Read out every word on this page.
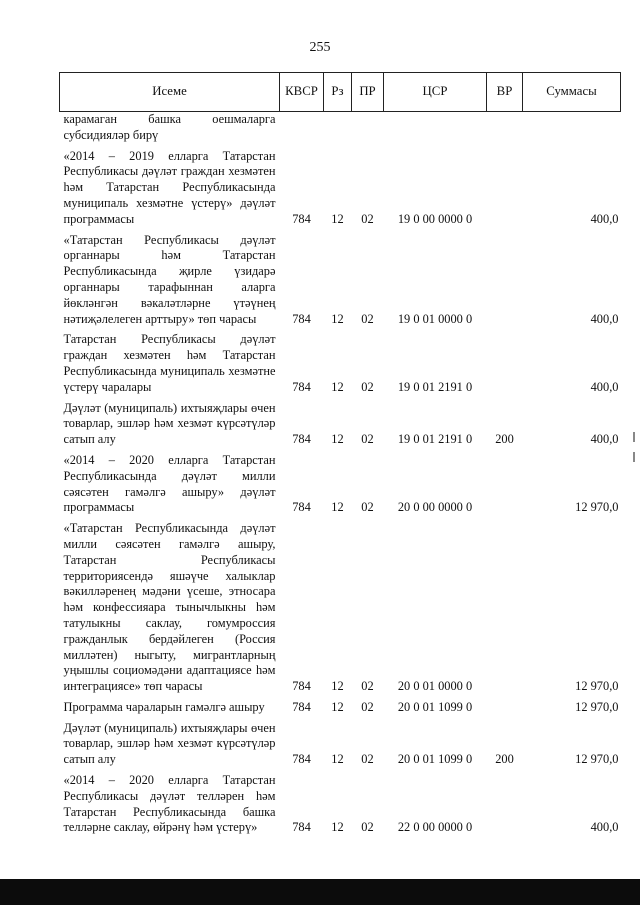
255
Исеме	КВСР	Рз	ПР	ЦСР	ВР	Суммасы
карамаган башка оешмаларга субсидияләр бирү						
«2014 – 2019 елларга Татарстан Республикасы дәүләт граждан хезмәтен һәм Татарстан Республикасында муниципаль хезмәтне үстерү» дәүләт программасы	784	12	02	19 0 00 0000 0		400,0
«Татарстан Республикасы дәүләт органнары һәм Татарстан Республикасында җирле үзидарә органнары тарафыннан аларга йөкләнгән вәкаләтләрне үтәүнең нәтиҗәлелеген арттыру» төп чарасы	784	12	02	19 0 01 0000 0		400,0
Татарстан Республикасы дәүләт граждан хезмәтен һәм Татарстан Республикасында муниципаль хезмәтне үстерү чаралары	784	12	02	19 0 01 2191 0		400,0
Дәүләт (муниципаль) ихтыяҗлары өчен товарлар, эшләр һәм хезмәт күрсәтүләр сатып алу	784	12	02	19 0 01 2191 0	200	400,0
«2014 – 2020 елларга Татарстан Республикасында дәүләт милли сәясәтен гамәлгә ашыру» дәүләт программасы	784	12	02	20 0 00 0000 0		12 970,0
«Татарстан Республикасында дәүләт милли сәясәтен гамәлгә ашыру, Татарстан Республикасы территориясендә яшәүче халыклар вәкилләренең мәдәни үсеше, этносара һәм конфессияара тынычлыкны һәм татулыкны саклау, гомумроссия гражданлык бердәйлеген (Россия милләтен) ныгыту, мигрантларның уңышлы социомәдәни адаптациясе һәм интеграциясе» төп чарасы	784	12	02	20 0 01 0000 0		12 970,0
Программа чараларын гамәлгә ашыру	784	12	02	20 0 01 1099 0		12 970,0
Дәүләт (муниципаль) ихтыяҗлары өчен товарлар, эшләр һәм хезмәт күрсәтүләр сатып алу	784	12	02	20 0 01 1099 0	200	12 970,0
«2014 – 2020 елларга Татарстан Республикасы дәүләт телләрен һәм Татарстан Республикасында башка телләрне саклау, өйрәнү һәм үстерү»	784	12	02	22 0 00 0000 0		400,0
